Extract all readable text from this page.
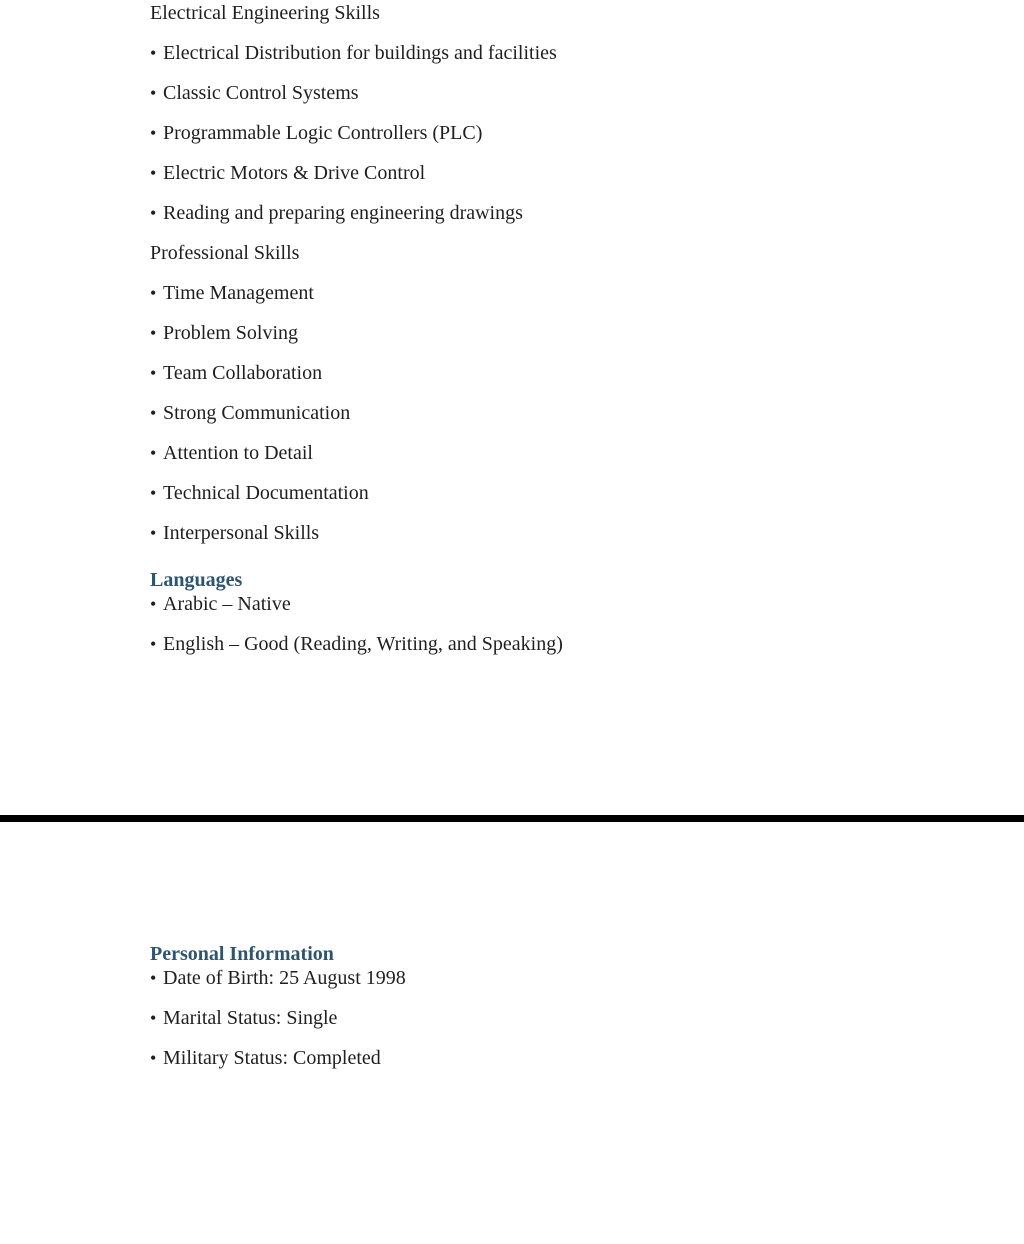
Electrical Engineering Skills

• Electrical Distribution for buildings and facilities

• Classic Control Systems

• Programmable Logic Controllers (PLC)

• Electric Motors & Drive Control

• Reading and preparing engineering drawings

Professional Skills

• Time Management

• Problem Solving

• Team Collaboration

• Strong Communication

• Attention to Detail

• Technical Documentation

• Interpersonal Skills

Languages

• Arabic – Native

• English – Good (Reading, Writing, and Speaking)

Personal Information

• Date of Birth: 25 August 1998

• Marital Status: Single

• Military Status: Completed
